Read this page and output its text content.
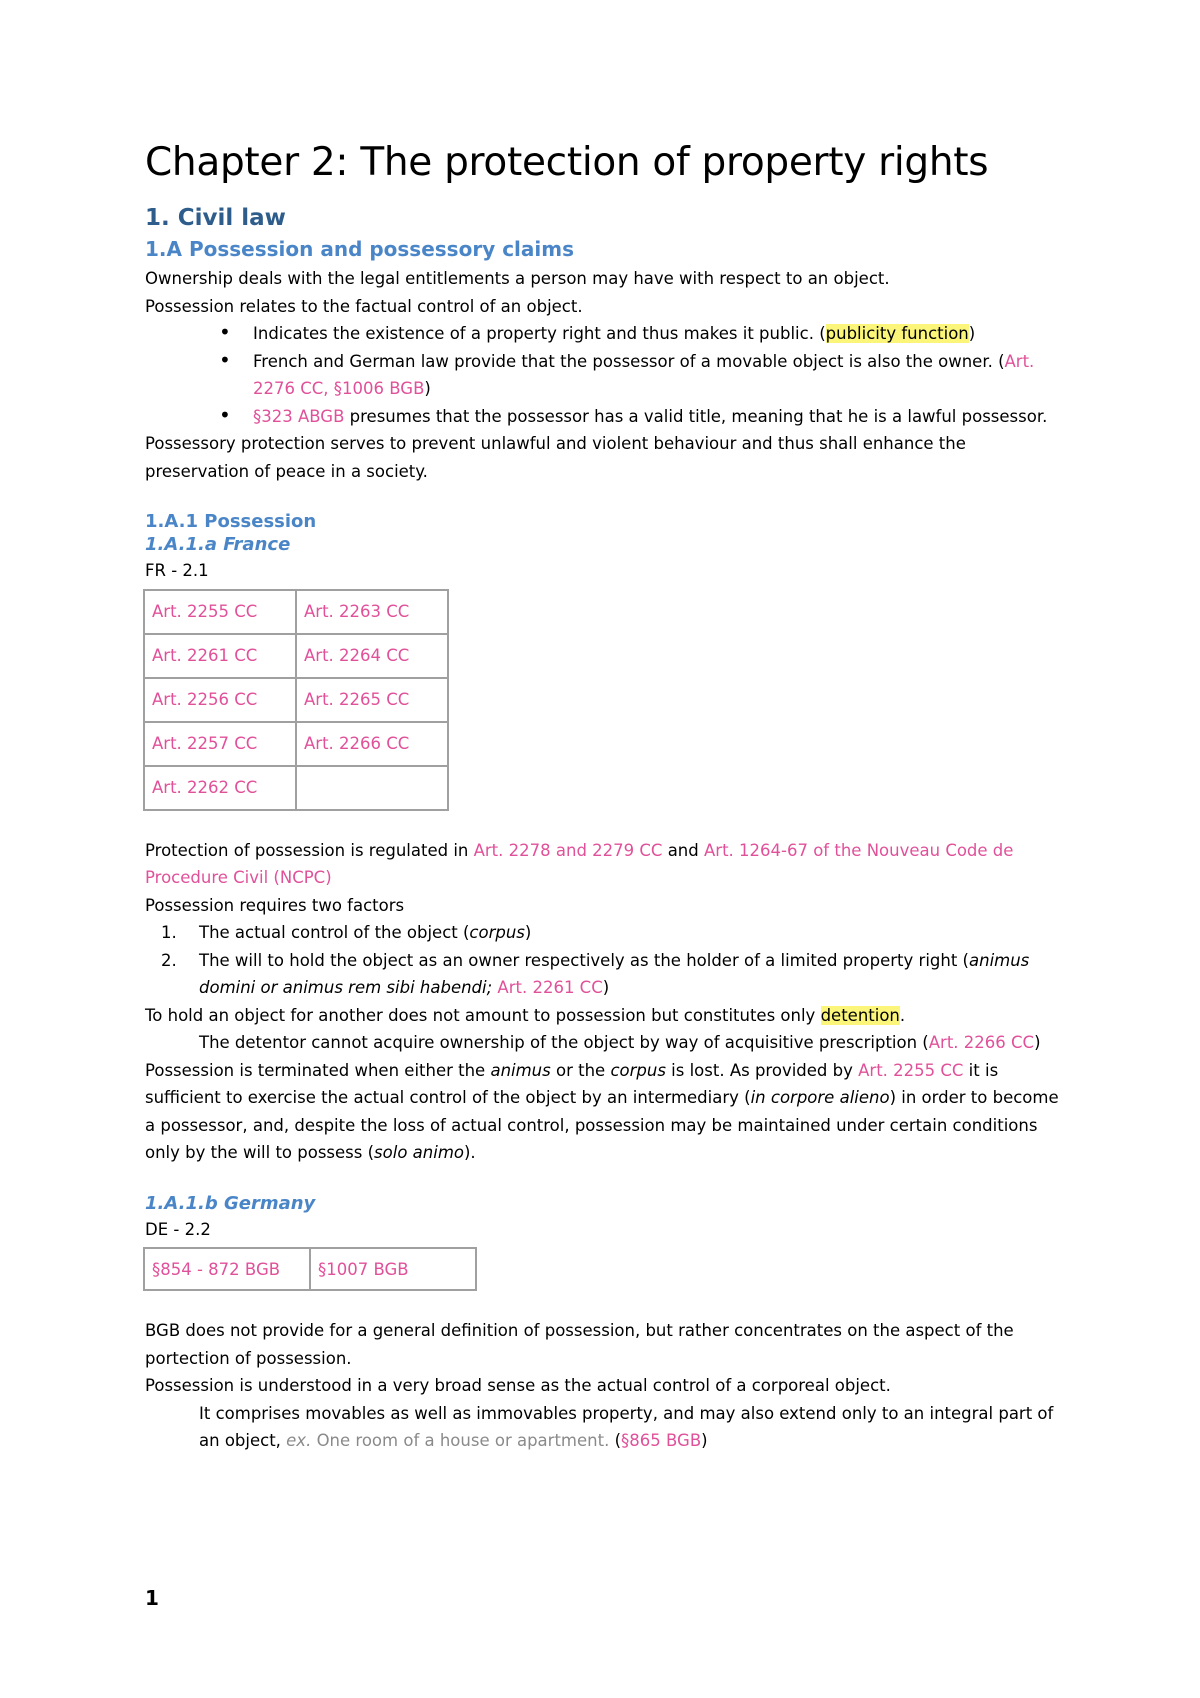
Chapter 2: The protection of property rights
1. Civil law
1.A Possession and possessory claims

Ownership deals with the legal entitlements a person may have with respect to an object.

Possession relates to the factual control of an object.

• Indicates the existence of a property right and thus makes it public. (publicity function)
• French and German law provide that the possessor of a movable object is also the owner. (Art. 2276 CC, §1006 BGB)
• §323 ABGB presumes that the possessor has a valid title, meaning that he is a lawful possessor.

Possessory protection serves to prevent unlawful and violent behaviour and thus shall enhance the preservation of peace in a society.

1.A.1 Possession
1.A.1.a France

FR - 2.1

Art. 2255 CC	Art. 2263 CC
Art. 2261 CC	Art. 2264 CC
Art. 2256 CC	Art. 2265 CC
Art. 2257 CC	Art. 2266 CC
Art. 2262 CC	

Protection of possession is regulated in Art. 2278 and 2279 CC and Art. 1264-67 of the Nouveau Code de Procedure Civil (NCPC)

Possession requires two factors

1. The actual control of the object (corpus)
2. The will to hold the object as an owner respectively as the holder of a limited property right (animus domini or animus rem sibi habendi; Art. 2261 CC)

To hold an object for another does not amount to possession but constitutes only detention.

The detentor cannot acquire ownership of the object by way of acquisitive prescription (Art. 2266 CC)

Possession is terminated when either the animus or the corpus is lost. As provided by Art. 2255 CC it is sufficient to exercise the actual control of the object by an intermediary (in corpore alieno) in order to become a possessor, and, despite the loss of actual control, possession may be maintained under certain conditions only by the will to possess (solo animo).

1.A.1.b Germany

DE - 2.2

§854 - 872 BGB	§1007 BGB

BGB does not provide for a general definition of possession, but rather concentrates on the aspect of the portection of possession.

Possession is understood in a very broad sense as the actual control of a corporeal object.

It comprises movables as well as immovables property, and may also extend only to an integral part of an object, ex. One room of a house or apartment. (§865 BGB)

1
